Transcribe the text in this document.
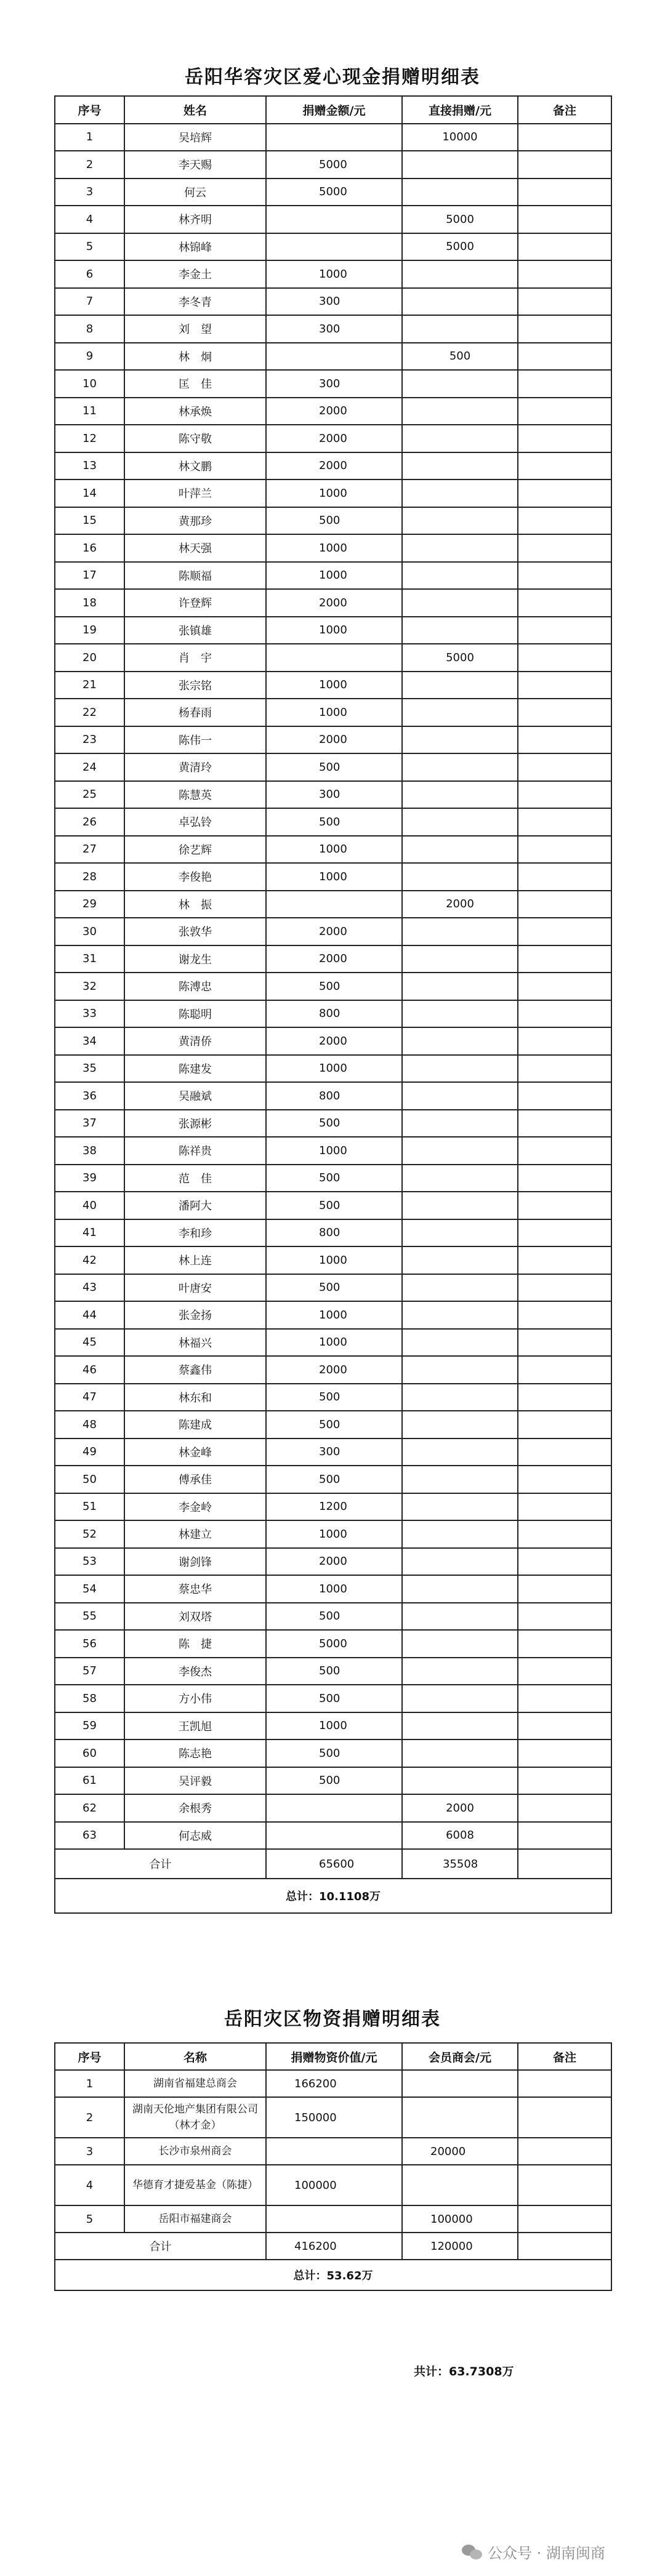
岳阳华容灾区爱心现金捐赠明细表
序号	姓名	捐赠金额/元	直接捐赠/元	备注
1	吴培辉		10000	
2	李天赐	5000		
3	何云	5000		
4	林齐明		5000	
5	林锦峰		5000	
6	李金土	1000		
7	李冬青	300		
8	刘　望	300		
9	林　炯		500	
10	匡　佳	300		
11	林承焕	2000		
12	陈守敬	2000		
13	林文鹏	2000		
14	叶萍兰	1000		
15	黄那珍	500		
16	林天强	1000		
17	陈顺福	1000		
18	许登辉	2000		
19	张镇雄	1000		
20	肖　宇		5000	
21	张宗铭	1000		
22	杨春雨	1000		
23	陈伟一	2000		
24	黄清玲	500		
25	陈慧英	300		
26	卓弘铃	500		
27	徐艺辉	1000		
28	李俊艳	1000		
29	林　振		2000	
30	张敦华	2000		
31	谢龙生	2000		
32	陈溥忠	500		
33	陈聪明	800		
34	黄清侨	2000		
35	陈建发	1000		
36	吴融斌	800		
37	张源彬	500		
38	陈祥贵	1000		
39	范　佳	500		
40	潘阿大	500		
41	李和珍	800		
42	林上连	1000		
43	叶唐安	500		
44	张金扬	1000		
45	林福兴	1000		
46	蔡鑫伟	2000		
47	林东和	500		
48	陈建成	500		
49	林金峰	300		
50	傅承佳	500		
51	李金岭	1200		
52	林建立	1000		
53	谢剑锋	2000		
54	蔡忠华	1000		
55	刘双塔	500		
56	陈　捷	5000		
57	李俊杰	500		
58	方小伟	500		
59	王凯旭	1000		
60	陈志艳	500		
61	吴评毅	500		
62	余根秀		2000	
63	何志威		6008	
合计		65600	35508	
总计：10.1108万				
岳阳灾区物资捐赠明细表
序号	名称	捐赠物资价值/元	会员商会/元	备注
1	湖南省福建总商会	166200		
2	湖南天伦地产集团有限公司（林才金）	150000		
3	长沙市泉州商会		20000	
4	华德育才捷爱基金（陈捷）	100000		
5	岳阳市福建商会		100000	
合计		416200	120000	
总计：53.62万				
共计：63.7308万
公众号 · 湖南闽商
